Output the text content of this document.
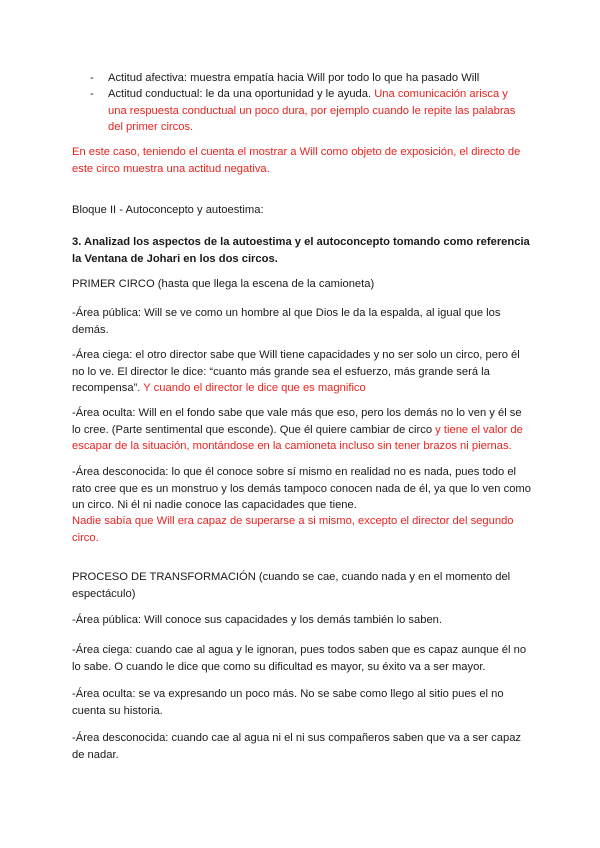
- Actitud afectiva: muestra empatía hacia Will por todo lo que ha pasado Will
- Actitud conductual: le da una oportunidad y le ayuda. Una comunicación arisca y una respuesta conductual un poco dura, por ejemplo cuando le repite las palabras del primer circos.

En este caso, teniendo el cuenta el mostrar a Will como objeto de exposición, el directo de este circo muestra una actitud negativa.

Bloque II - Autoconcepto y autoestima:

3. Analizad los aspectos de la autoestima y el autoconcepto tomando como referencia la Ventana de Johari en los dos circos.

PRIMER CIRCO (hasta que llega la escena de la camioneta)

-Área pública: Will se ve como un hombre al que Dios le da la espalda, al igual que los demás.

-Área ciega: el otro director sabe que Will tiene capacidades y no ser solo un circo, pero él no lo ve. El director le dice: “cuanto más grande sea el esfuerzo, más grande será la recompensa”. Y cuando el director le dice que es magnifico

-Área oculta: Will en el fondo sabe que vale más que eso, pero los demás no lo ven y él se lo cree. (Parte sentimental que esconde). Que él quiere cambiar de circo y tiene el valor de escapar de la situación, montándose en la camioneta incluso sin tener brazos ni piernas.

-Área desconocida: lo que él conoce sobre sí mismo en realidad no es nada, pues todo el rato cree que es un monstruo y los demás tampoco conocen nada de él, ya que lo ven como un circo. Ni él ni nadie conoce las capacidades que tiene.

Nadie sabía que Will era capaz de superarse a si mismo, excepto el director del segundo circo.

PROCESO DE TRANSFORMACIÓN (cuando se cae, cuando nada y en el momento del espectáculo)

-Área pública: Will conoce sus capacidades y los demás también lo saben.

-Área ciega: cuando cae al agua y le ignoran, pues todos saben que es capaz aunque él no lo sabe. O cuando le dice que como su dificultad es mayor, su éxito va a ser mayor.

-Área oculta: se va expresando un poco más. No se sabe como llego al sitio pues el no cuenta su historia.

-Área desconocida: cuando cae al agua ni el ni sus compañeros saben que va a ser capaz de nadar.
